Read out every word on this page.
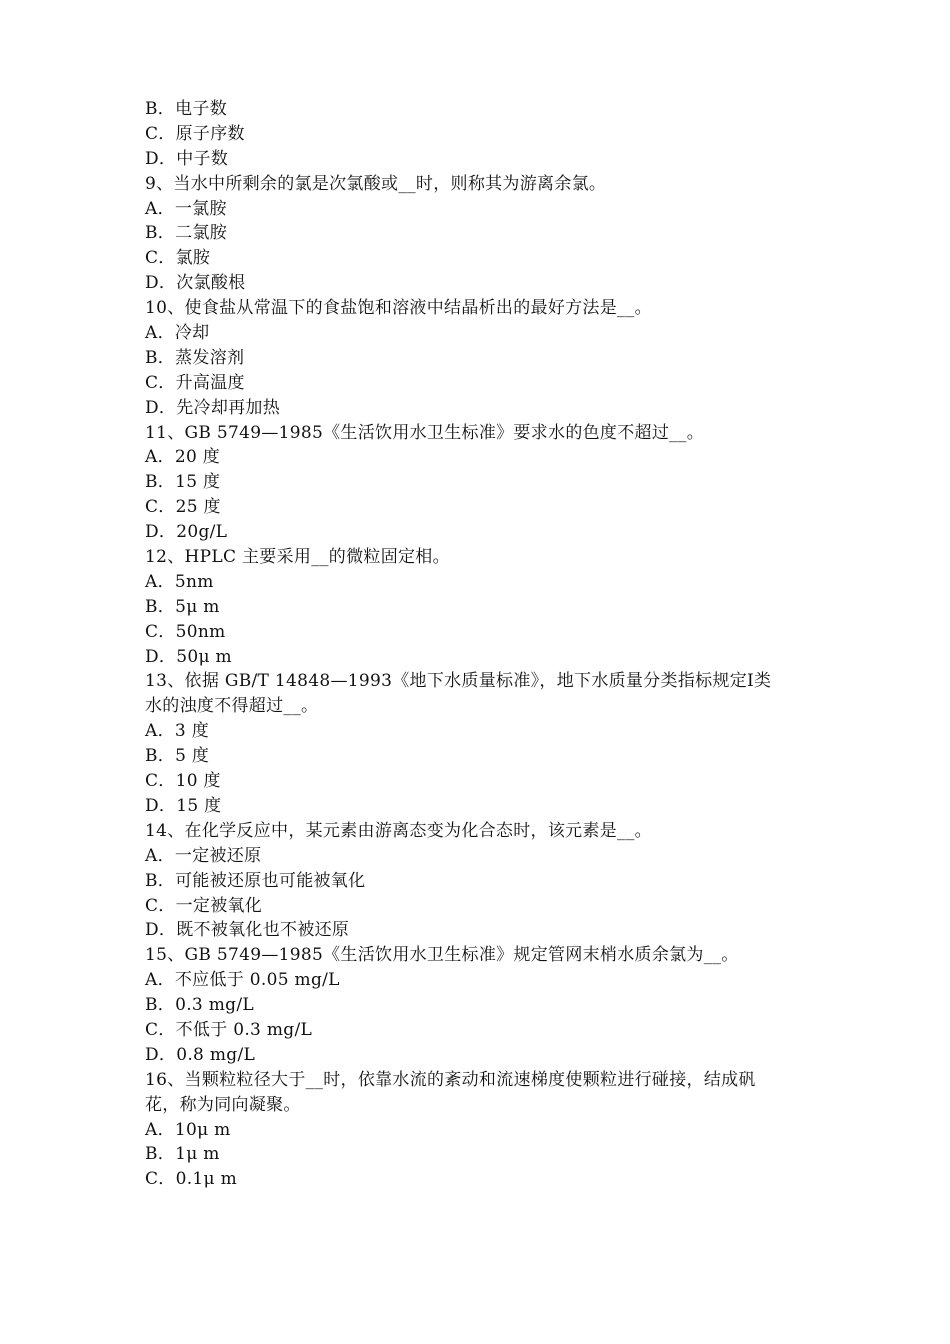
B．电子数
C．原子序数
D．中子数
9、当水中所剩余的氯是次氯酸或__时，则称其为游离余氯。
A．一氯胺
B．二氯胺
C．氯胺
D．次氯酸根
10、使食盐从常温下的食盐饱和溶液中结晶析出的最好方法是__。
A．冷却
B．蒸发溶剂
C．升高温度
D．先冷却再加热
11、GB 5749—1985《生活饮用水卫生标准》要求水的色度不超过__。
A．20 度
B．15 度
C．25 度
D．20g/L
12、HPLC 主要采用__的微粒固定相。
A．5nm
B．5μ m
C．50nm
D．50μ m
13、依据 GB/T 14848—1993《地下水质量标准》，地下水质量分类指标规定Ⅰ类
水的浊度不得超过__。
A．3 度
B．5 度
C．10 度
D．15 度
14、在化学反应中，某元素由游离态变为化合态时，该元素是__。
A．一定被还原
B．可能被还原也可能被氧化
C．一定被氧化
D．既不被氧化也不被还原
15、GB 5749—1985《生活饮用水卫生标准》规定管网末梢水质余氯为__。
A．不应低于 0.05 mg/L
B．0.3 mg/L
C．不低于 0.3 mg/L
D．0.8 mg/L
16、当颗粒粒径大于__时，依靠水流的紊动和流速梯度使颗粒进行碰接，结成矾
花，称为同向凝聚。
A．10μ m
B．1μ m
C．0.1μ m
